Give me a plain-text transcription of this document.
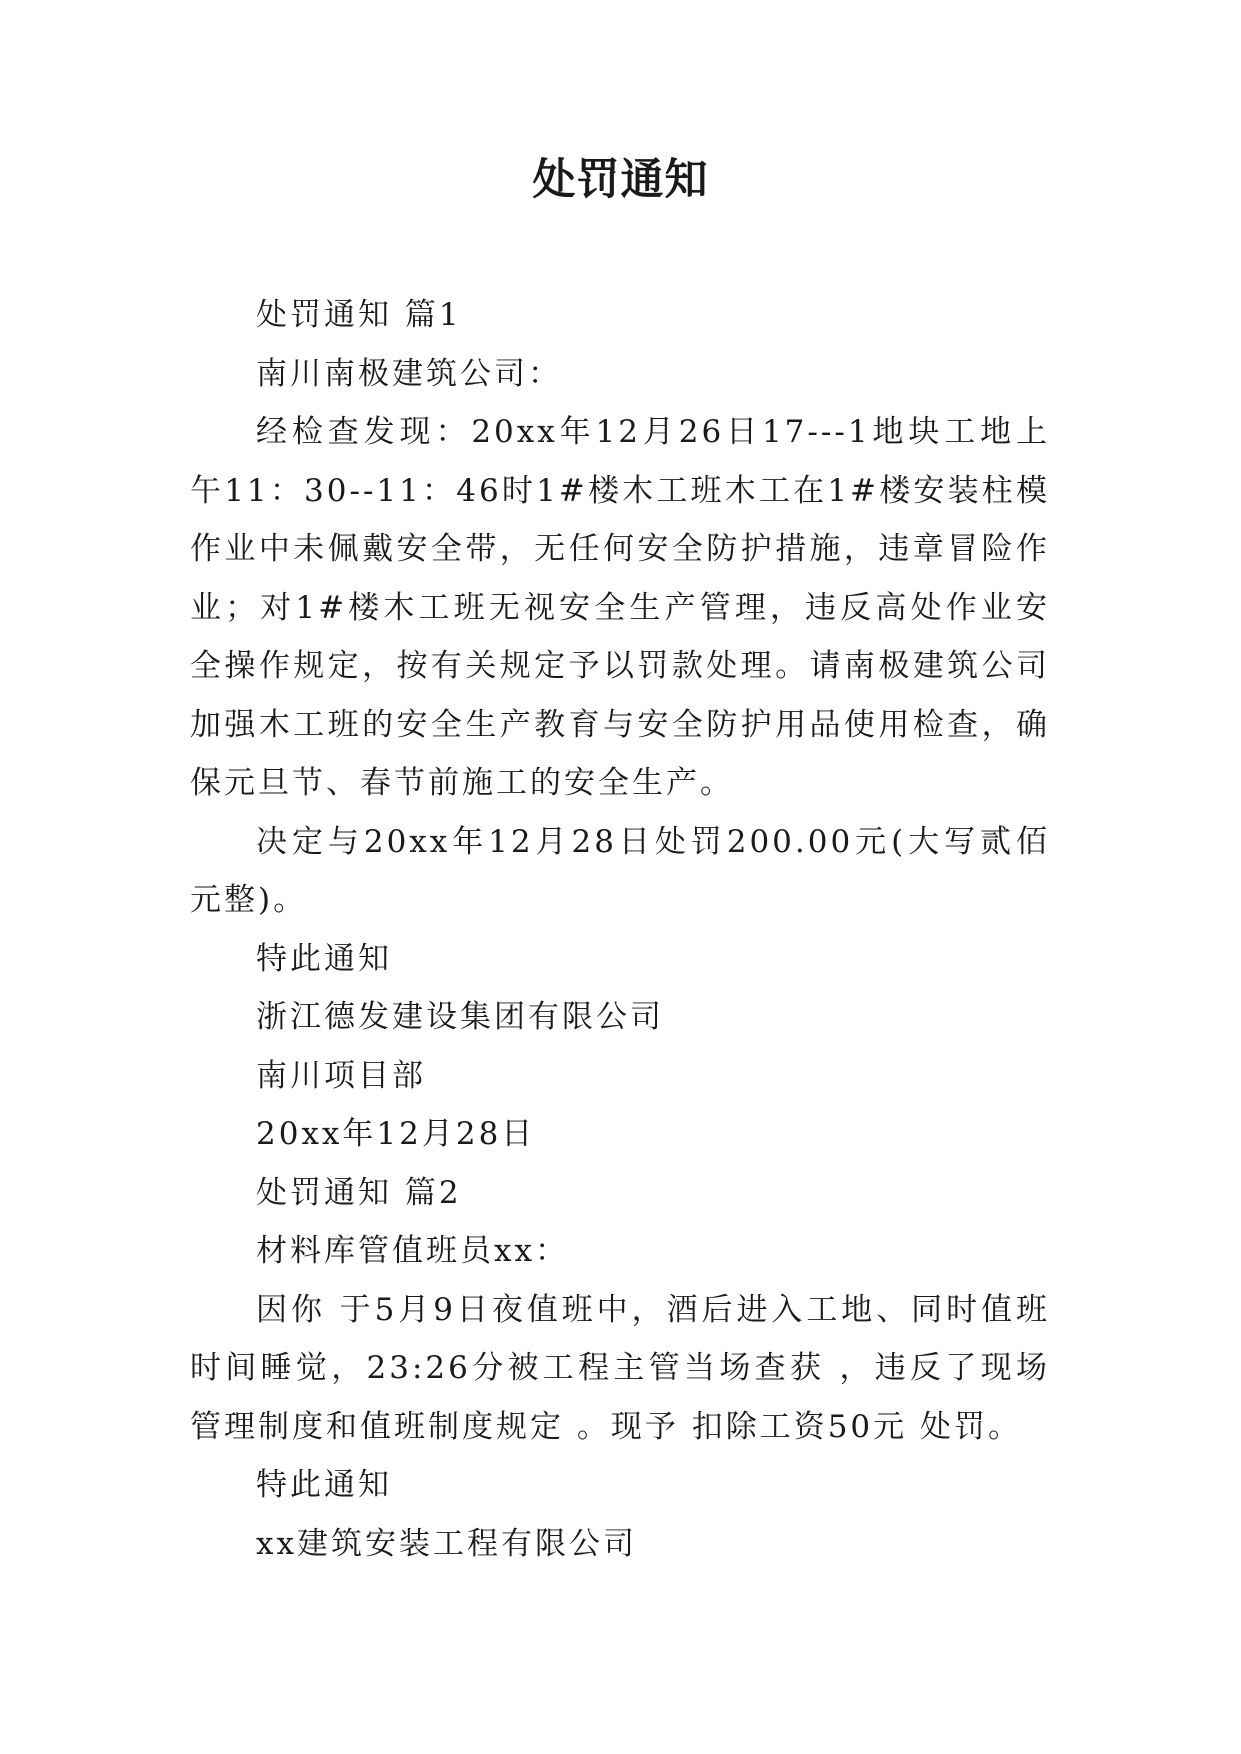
处罚通知

处罚通知 篇1

南川南极建筑公司：

经检查发现：20xx年12月26日17---1地块工地上午11：30--11：46时1#楼木工班木工在1#楼安装柱模作业中未佩戴安全带，无任何安全防护措施，违章冒险作业；对1#楼木工班无视安全生产管理，违反高处作业安全操作规定，按有关规定予以罚款处理。请南极建筑公司加强木工班的安全生产教育与安全防护用品使用检查，确保元旦节、春节前施工的安全生产。

决定与20xx年12月28日处罚200.00元(大写贰佰元整)。

特此通知

浙江德发建设集团有限公司

南川项目部

20xx年12月28日

处罚通知 篇2

材料库管值班员xx：

因你 于5月9日夜值班中，酒后进入工地、同时值班时间睡觉，23:26分被工程主管当场查获 ，违反了现场管理制度和值班制度规定 。现予 扣除工资50元 处罚。

特此通知

xx建筑安装工程有限公司
